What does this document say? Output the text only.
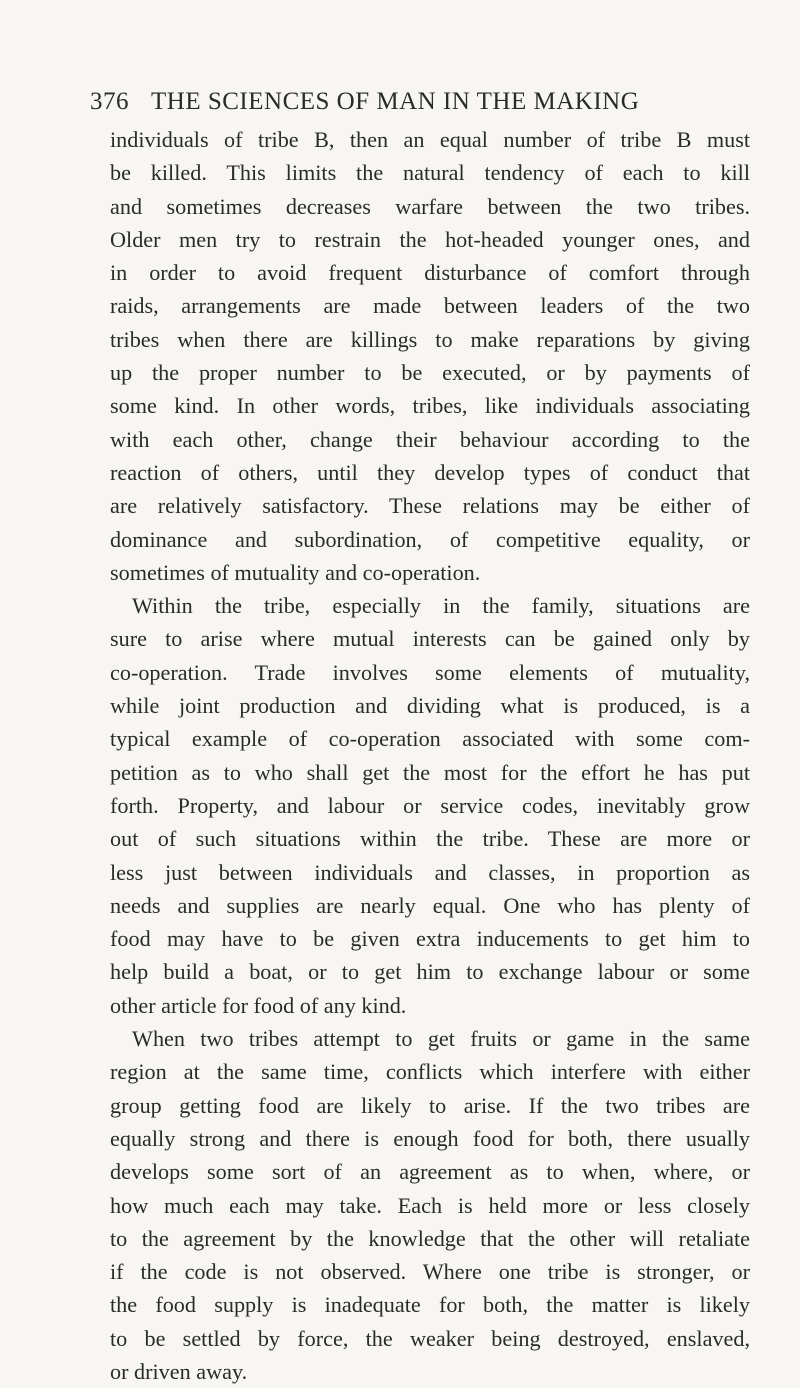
376 THE SCIENCES OF MAN IN THE MAKING
individuals of tribe B, then an equal number of tribe B must
be killed. This limits the natural tendency of each to kill
and sometimes decreases warfare between the two tribes.
Older men try to restrain the hot-headed younger ones, and
in order to avoid frequent disturbance of comfort through
raids, arrangements are made between leaders of the two
tribes when there are killings to make reparations by giving
up the proper number to be executed, or by payments of
some kind. In other words, tribes, like individuals associating
with each other, change their behaviour according to the
reaction of others, until they develop types of conduct that
are relatively satisfactory. These relations may be either of
dominance and subordination, of competitive equality, or
sometimes of mutuality and co-operation.
Within the tribe, especially in the family, situations are
sure to arise where mutual interests can be gained only by
co-operation. Trade involves some elements of mutuality,
while joint production and dividing what is produced, is a
typical example of co-operation associated with some com-
petition as to who shall get the most for the effort he has put
forth. Property, and labour or service codes, inevitably grow
out of such situations within the tribe. These are more or
less just between individuals and classes, in proportion as
needs and supplies are nearly equal. One who has plenty of
food may have to be given extra inducements to get him to
help build a boat, or to get him to exchange labour or some
other article for food of any kind.
When two tribes attempt to get fruits or game in the same
region at the same time, conflicts which interfere with either
group getting food are likely to arise. If the two tribes are
equally strong and there is enough food for both, there usually
develops some sort of an agreement as to when, where, or
how much each may take. Each is held more or less closely
to the agreement by the knowledge that the other will retaliate
if the code is not observed. Where one tribe is stronger, or
the food supply is inadequate for both, the matter is likely
to be settled by force, the weaker being destroyed, enslaved,
or driven away.
